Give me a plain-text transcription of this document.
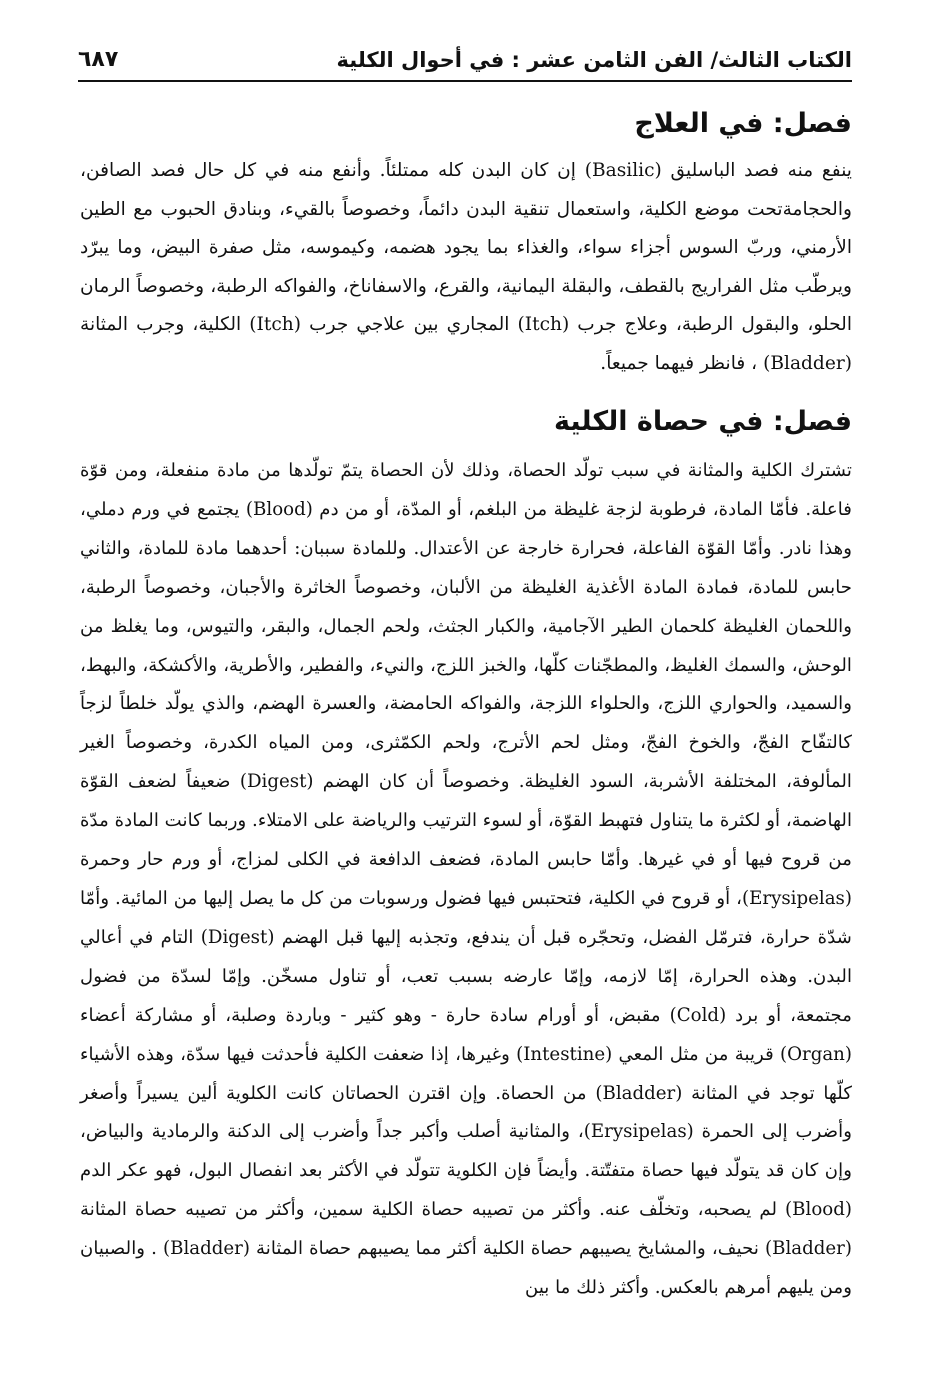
الكتاب الثالث/ الفن الثامن عشر : في أحوال الكلية
٦٨٧
فصل: في العلاج

ينفع منه فصد الباسليق (Basilic) إن كان البدن كله ممتلئاً. وأنفع منه في كل حال فصد الصافن، والحجامةتحت موضع الكلية، واستعمال تنقية البدن دائماً، وخصوصاً بالقيء، وبنادق الحبوب مع الطين الأرمني، وربّ السوس أجزاء سواء، والغذاء بما يجود هضمه، وكيموسه، مثل صفرة البيض، وما يبرّد ويرطّب مثل الفراريج بالقطف، والبقلة اليمانية، والقرع، والاسفاناخ، والفواكه الرطبة، وخصوصاً الرمان الحلو، والبقول الرطبة، وعلاج جرب (Itch) المجاري بين علاجي جرب (Itch) الكلية، وجرب المثانة (Bladder) ، فانظر فيهما جميعاً.

فصل: في حصاة الكلية

تشترك الكلية والمثانة في سبب تولّد الحصاة، وذلك لأن الحصاة يتمّ تولّدها من مادة منفعلة، ومن قوّة فاعلة. فأمّا المادة، فرطوبة لزجة غليظة من البلغم، أو المدّة، أو من دم (Blood) يجتمع في ورم دملي، وهذا نادر. وأمّا القوّة الفاعلة، فحرارة خارجة عن الأعتدال. وللمادة سببان: أحدهما مادة للمادة، والثاني حابس للمادة، فمادة المادة الأغذية الغليظة من الألبان، وخصوصاً الخاثرة والأجبان، وخصوصاً الرطبة، واللحمان الغليظة كلحمان الطير الآجامية، والكبار الجثث، ولحم الجمال، والبقر، والتيوس، وما يغلظ من الوحش، والسمك الغليظ، والمطجّنات كلّها، والخبز اللزج، والنيء، والفطير، والأطرية، والأكشكة، والبهط، والسميد، والحواري اللزج، والحلواء اللزجة، والفواكه الحامضة، والعسرة الهضم، والذي يولّد خلطاً لزجاً كالتفّاح الفجّ، والخوخ الفجّ، ومثل لحم الأترج، ولحم الكمّثرى، ومن المياه الكدرة، وخصوصاً الغير المألوفة، المختلفة الأشربة، السود الغليظة. وخصوصاً أن كان الهضم (Digest) ضعيفاً لضعف القوّة الهاضمة، أو لكثرة ما يتناول فتهبط القوّة، أو لسوء الترتيب والرياضة على الامتلاء. وربما كانت المادة مدّة من قروح فيها أو في غيرها. وأمّا حابس المادة، فضعف الدافعة في الكلى لمزاج، أو ورم حار وحمرة (Erysipelas)، أو قروح في الكلية، فتحتبس فيها فضول ورسوبات من كل ما يصل إليها من المائية. وأمّا شدّة حرارة، فترمّل الفضل، وتحجّره قبل أن يندفع، وتجذبه إليها قبل الهضم (Digest) التام في أعالي البدن. وهذه الحرارة، إمّا لازمه، وإمّا عارضه بسبب تعب، أو تناول مسخّن. وإمّا لسدّة من فضول مجتمعة، أو برد (Cold) مقبض، أو أورام سادة حارة - وهو كثير - وباردة وصلبة، أو مشاركة أعضاء (Organ) قريبة من مثل المعي (Intestine) وغيرها، إذا ضعفت الكلية فأحدثت فيها سدّة، وهذه الأشياء كلّها توجد في المثانة (Bladder) من الحصاة. وإن اقترن الحصاتان كانت الكلوية ألين يسيراً وأصغر وأضرب إلى الحمرة (Erysipelas)، والمثانية أصلب وأكبر جداً وأضرب إلى الدكنة والرمادية والبياض، وإن كان قد يتولّد فيها حصاة متفتّتة. وأيضاً فإن الكلوية تتولّد في الأكثر بعد انفصال البول، فهو عكر الدم (Blood) لم يصحبه، وتخلّف عنه. وأكثر من تصيبه حصاة الكلية سمين، وأكثر من تصيبه حصاة المثانة (Bladder) نحيف، والمشايخ يصيبهم حصاة الكلية أكثر مما يصيبهم حصاة المثانة (Bladder) . والصبيان ومن يليهم أمرهم بالعكس. وأكثر ذلك ما بين
